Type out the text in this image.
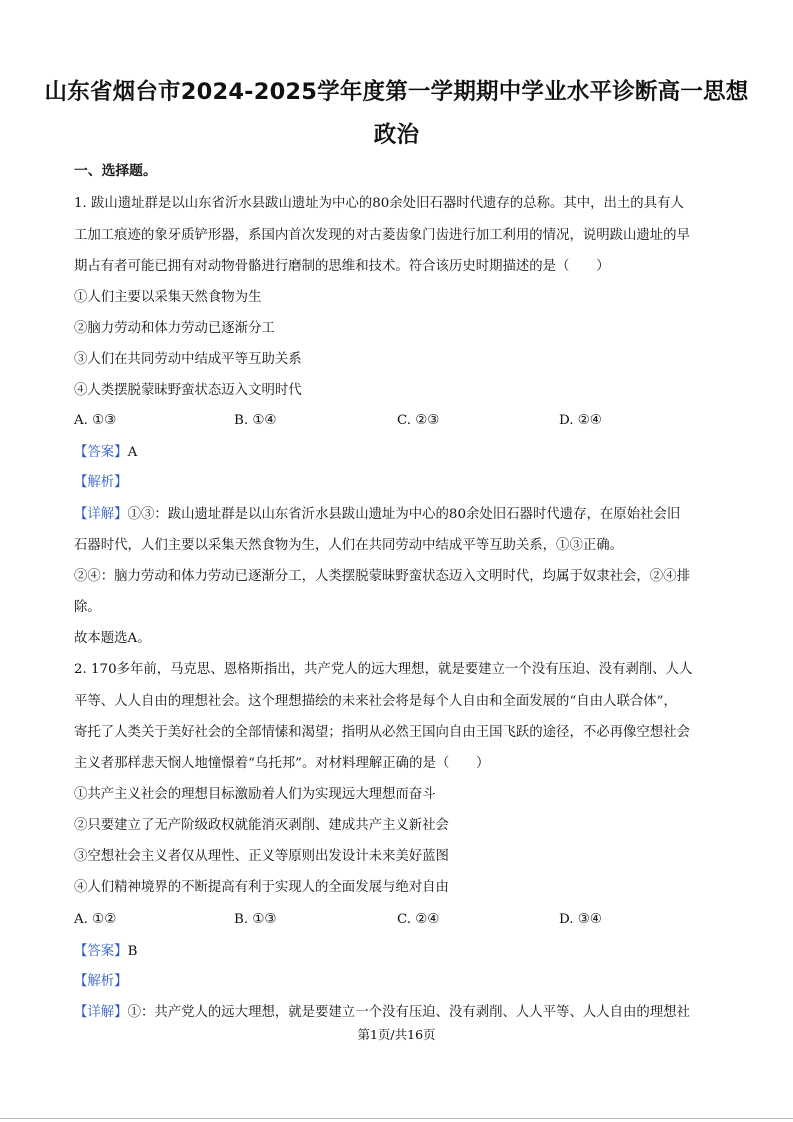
山东省烟台市2024-2025学年度第一学期期中学业水平诊断高一思想
政治
一、选择题。
1. 跋山遗址群是以山东省沂水县跋山遗址为中心的80余处旧石器时代遗存的总称。其中，出土的具有人
工加工痕迹的象牙质铲形器，系国内首次发现的对古菱齿象门齿进行加工利用的情况，说明跋山遗址的早
期占有者可能已拥有对动物骨骼进行磨制的思维和技术。符合该历史时期描述的是（　　）
①人们主要以采集天然食物为生
②脑力劳动和体力劳动已逐渐分工
③人们在共同劳动中结成平等互助关系
④人类摆脱蒙昧野蛮状态迈入文明时代
A. ①③	B. ①④	C. ②③	D. ②④
【答案】A
【解析】
【详解】①③：跋山遗址群是以山东省沂水县跋山遗址为中心的80余处旧石器时代遗存，在原始社会旧
石器时代，人们主要以采集天然食物为生，人们在共同劳动中结成平等互助关系，①③正确。
②④：脑力劳动和体力劳动已逐渐分工，人类摆脱蒙昧野蛮状态迈入文明时代，均属于奴隶社会，②④排
除。
故本题选A。
2. 170多年前，马克思、恩格斯指出，共产党人的远大理想，就是要建立一个没有压迫、没有剥削、人人
平等、人人自由的理想社会。这个理想描绘的未来社会将是每个人自由和全面发展的“自由人联合体”，
寄托了人类关于美好社会的全部情愫和渴望；指明从必然王国向自由王国飞跃的途径，不必再像空想社会
主义者那样悲天悯人地憧憬着“乌托邦”。对材料理解正确的是（　　）
①共产主义社会的理想目标激励着人们为实现远大理想而奋斗
②只要建立了无产阶级政权就能消灭剥削、建成共产主义新社会
③空想社会主义者仅从理性、正义等原则出发设计未来美好蓝图
④人们精神境界的不断提高有利于实现人的全面发展与绝对自由
A. ①②	B. ①③	C. ②④	D. ③④
【答案】B
【解析】
【详解】①：共产党人的远大理想，就是要建立一个没有压迫、没有剥削、人人平等、人人自由的理想社
第1页/共16页
